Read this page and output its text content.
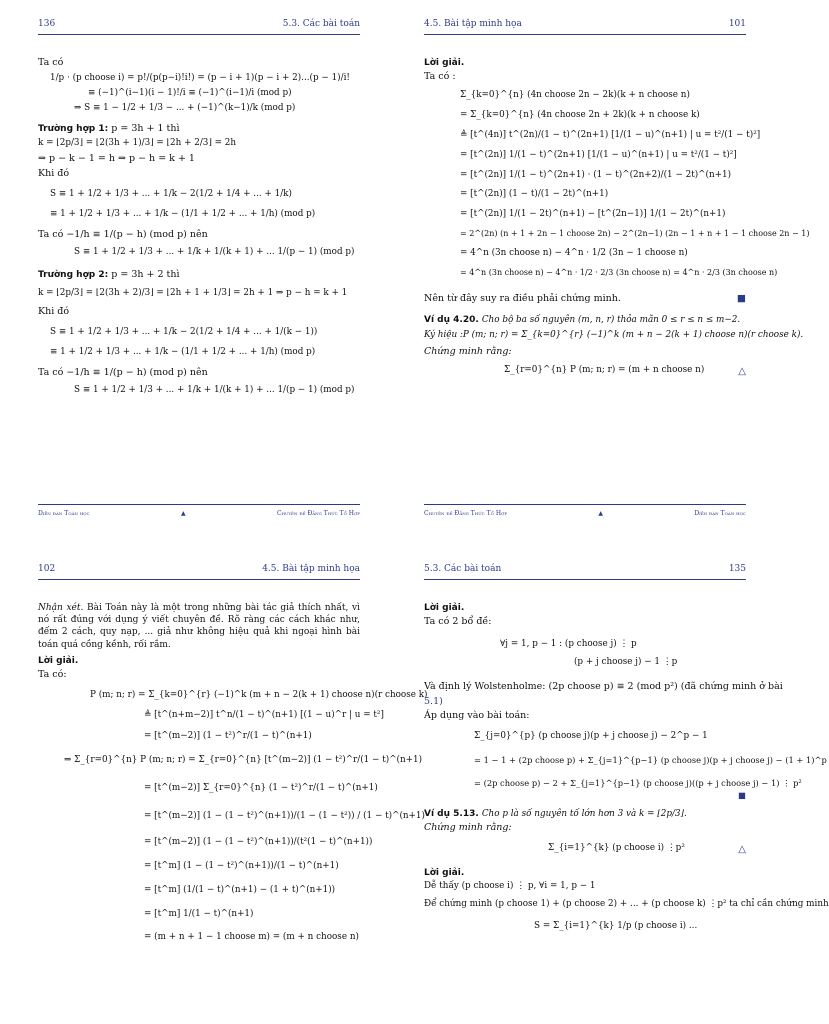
136	5.3. Các bài toán
Ta có
1/p · (p choose i) = p!/(p(p−i)!i!) = (p − i + 1)(p − i + 2)...(p − 1)/i!
≡ (−1)^(i−1)(i − 1)!/i ≡ (−1)^(i−1)/i (mod p)
⇒ S ≡ 1 − 1/2 + 1/3 − ... + (−1)^(k−1)/k (mod p)
Trường hợp 1: p = 3h + 1 thì
k = ⌊2p/3⌋ = ⌊2(3h + 1)/3⌋ = ⌊2h + 2/3⌋ = 2h
⇒ p − k − 1 = h ⇒ p − h = k + 1
Khi đó
S ≡ 1 + 1/2 + 1/3 + ... + 1/k − 2(1/2 + 1/4 + ... + 1/k)
≡ 1 + 1/2 + 1/3 + ... + 1/k − (1/1 + 1/2 + ... + 1/h) (mod p)
Ta có −1/h ≡ 1/(p − h) (mod p) nên
S ≡ 1 + 1/2 + 1/3 + ... + 1/k + 1/(k + 1) + ... 1/(p − 1) (mod p)
Trường hợp 2: p = 3h + 2 thì
k = ⌊2p/3⌋ = ⌊2(3h + 2)/3⌋ = ⌊2h + 1 + 1/3⌋ = 2h + 1 ⇒ p − h = k + 1
Khi đó
S ≡ 1 + 1/2 + 1/3 + ... + 1/k − 2(1/2 + 1/4 + ... + 1/(k − 1))
≡ 1 + 1/2 + 1/3 + ... + 1/k − (1/1 + 1/2 + ... + 1/h) (mod p)
Ta có −1/h ≡ 1/(p − h) (mod p) nên
S ≡ 1 + 1/2 + 1/3 + ... + 1/k + 1/(k + 1) + ... 1/(p − 1) (mod p)
Diễn đàn Toán học	▲	Chuyên đề Đẳng Thức Tổ Hợp
4.5. Bài tập minh họa	101
Lời giải.
Ta có :
Σ_{k=0}^{n} (4n choose 2n − 2k)(k + n choose n)
= Σ_{k=0}^{n} (4n choose 2n + 2k)(k + n choose k)
≜ [t^(4n)] t^(2n)/(1 − t)^(2n+1) [1/(1 − u)^(n+1) | u = t²/(1 − t)²]
= [t^(2n)] 1/(1 − t)^(2n+1) [1/(1 − u)^(n+1) | u = t²/(1 − t)²]
= [t^(2n)] 1/(1 − t)^(2n+1) · (1 − t)^(2n+2)/(1 − 2t)^(n+1)
= [t^(2n)] (1 − t)/(1 − 2t)^(n+1)
= [t^(2n)] 1/(1 − 2t)^(n+1) − [t^(2n−1)] 1/(1 − 2t)^(n+1)
= 2^(2n) (n + 1 + 2n − 1 choose 2n) − 2^(2n−1) (2n − 1 + n + 1 − 1 choose 2n − 1)
= 4^n (3n choose n) − 4^n · 1/2 (3n − 1 choose n)
= 4^n (3n choose n) − 4^n · 1/2 · 2/3 (3n choose n) = 4^n · 2/3 (3n choose n)
Nên từ đây suy ra điều phải chứng minh.	■
Ví dụ 4.20. Cho bộ ba số nguyên (m, n, r) thỏa mãn 0 ≤ r ≤ n ≤ m−2.
Ký hiệu :P (m; n; r) = Σ_{k=0}^{r} (−1)^k (m + n − 2(k + 1) choose n)(r choose k).
Chứng minh rằng:
Σ_{r=0}^{n} P (m; n; r) = (m + n choose n)	△
Chuyên đề Đẳng Thức Tổ Hợp	▲	Diễn đàn Toán học
102	4.5. Bài tập minh họa
Nhận xét. Bài Toán này là một trong những bài tác giả thích nhất, vì nó rất đúng với dụng ý viết chuyên đề. Rõ ràng các cách khác như, đếm 2 cách, quy nạp, ... giả như không hiệu quả khi ngoại hình bài toán quá cồng kềnh, rối rắm.
Lời giải.
Ta có:
P (m; n; r) = Σ_{k=0}^{r} (−1)^k (m + n − 2(k + 1) choose n)(r choose k)
≜ [t^(n+m−2)] t^n/(1 − t)^(n+1) [(1 − u)^r | u = t²]
= [t^(m−2)] (1 − t²)^r/(1 − t)^(n+1)
⇒ Σ_{r=0}^{n} P (m; n; r) = Σ_{r=0}^{n} [t^(m−2)] (1 − t²)^r/(1 − t)^(n+1)
= [t^(m−2)] Σ_{r=0}^{n} (1 − t²)^r/(1 − t)^(n+1)
= [t^(m−2)] (1 − (1 − t²)^(n+1))/(1 − (1 − t²)) / (1 − t)^(n+1)
= [t^(m−2)] (1 − (1 − t²)^(n+1))/(t²(1 − t)^(n+1))
= [t^m] (1 − (1 − t²)^(n+1))/(1 − t)^(n+1)
= [t^m] (1/(1 − t)^(n+1) − (1 + t)^(n+1))
= [t^m] 1/(1 − t)^(n+1)
= (m + n + 1 − 1 choose m) = (m + n choose n)
5.3. Các bài toán	135
Lời giải.
Ta có 2 bổ đề:
∀j = 1, p − 1 : (p choose j) ⋮ p
(p + j choose j) − 1 ⋮p
Và định lý Wolstenholme: (2p choose p) ≡ 2 (mod p²) (đã chứng minh ở bài
5.1)
Áp dụng vào bài toán:
Σ_{j=0}^{p} (p choose j)(p + j choose j) − 2^p − 1
= 1 − 1 + (2p choose p) + Σ_{j=1}^{p−1} (p choose j)(p + j choose j) − (1 + 1)^p
= (2p choose p) − 2 + Σ_{j=1}^{p−1} (p choose j)((p + j choose j) − 1) ⋮ p²
■
Ví dụ 5.13. Cho p là số nguyên tố lớn hơn 3 và k = ⌊2p/3⌋.
Chứng minh rằng:
Σ_{i=1}^{k} (p choose i) ⋮p²	△
Lời giải.
Dễ thấy (p choose i) ⋮ p, ∀i = 1, p − 1
Để chứng minh (p choose 1) + (p choose 2) + ... + (p choose k) ⋮p² ta chỉ cần chứng minh
S = Σ_{i=1}^{k} 1/p (p choose i) ...
